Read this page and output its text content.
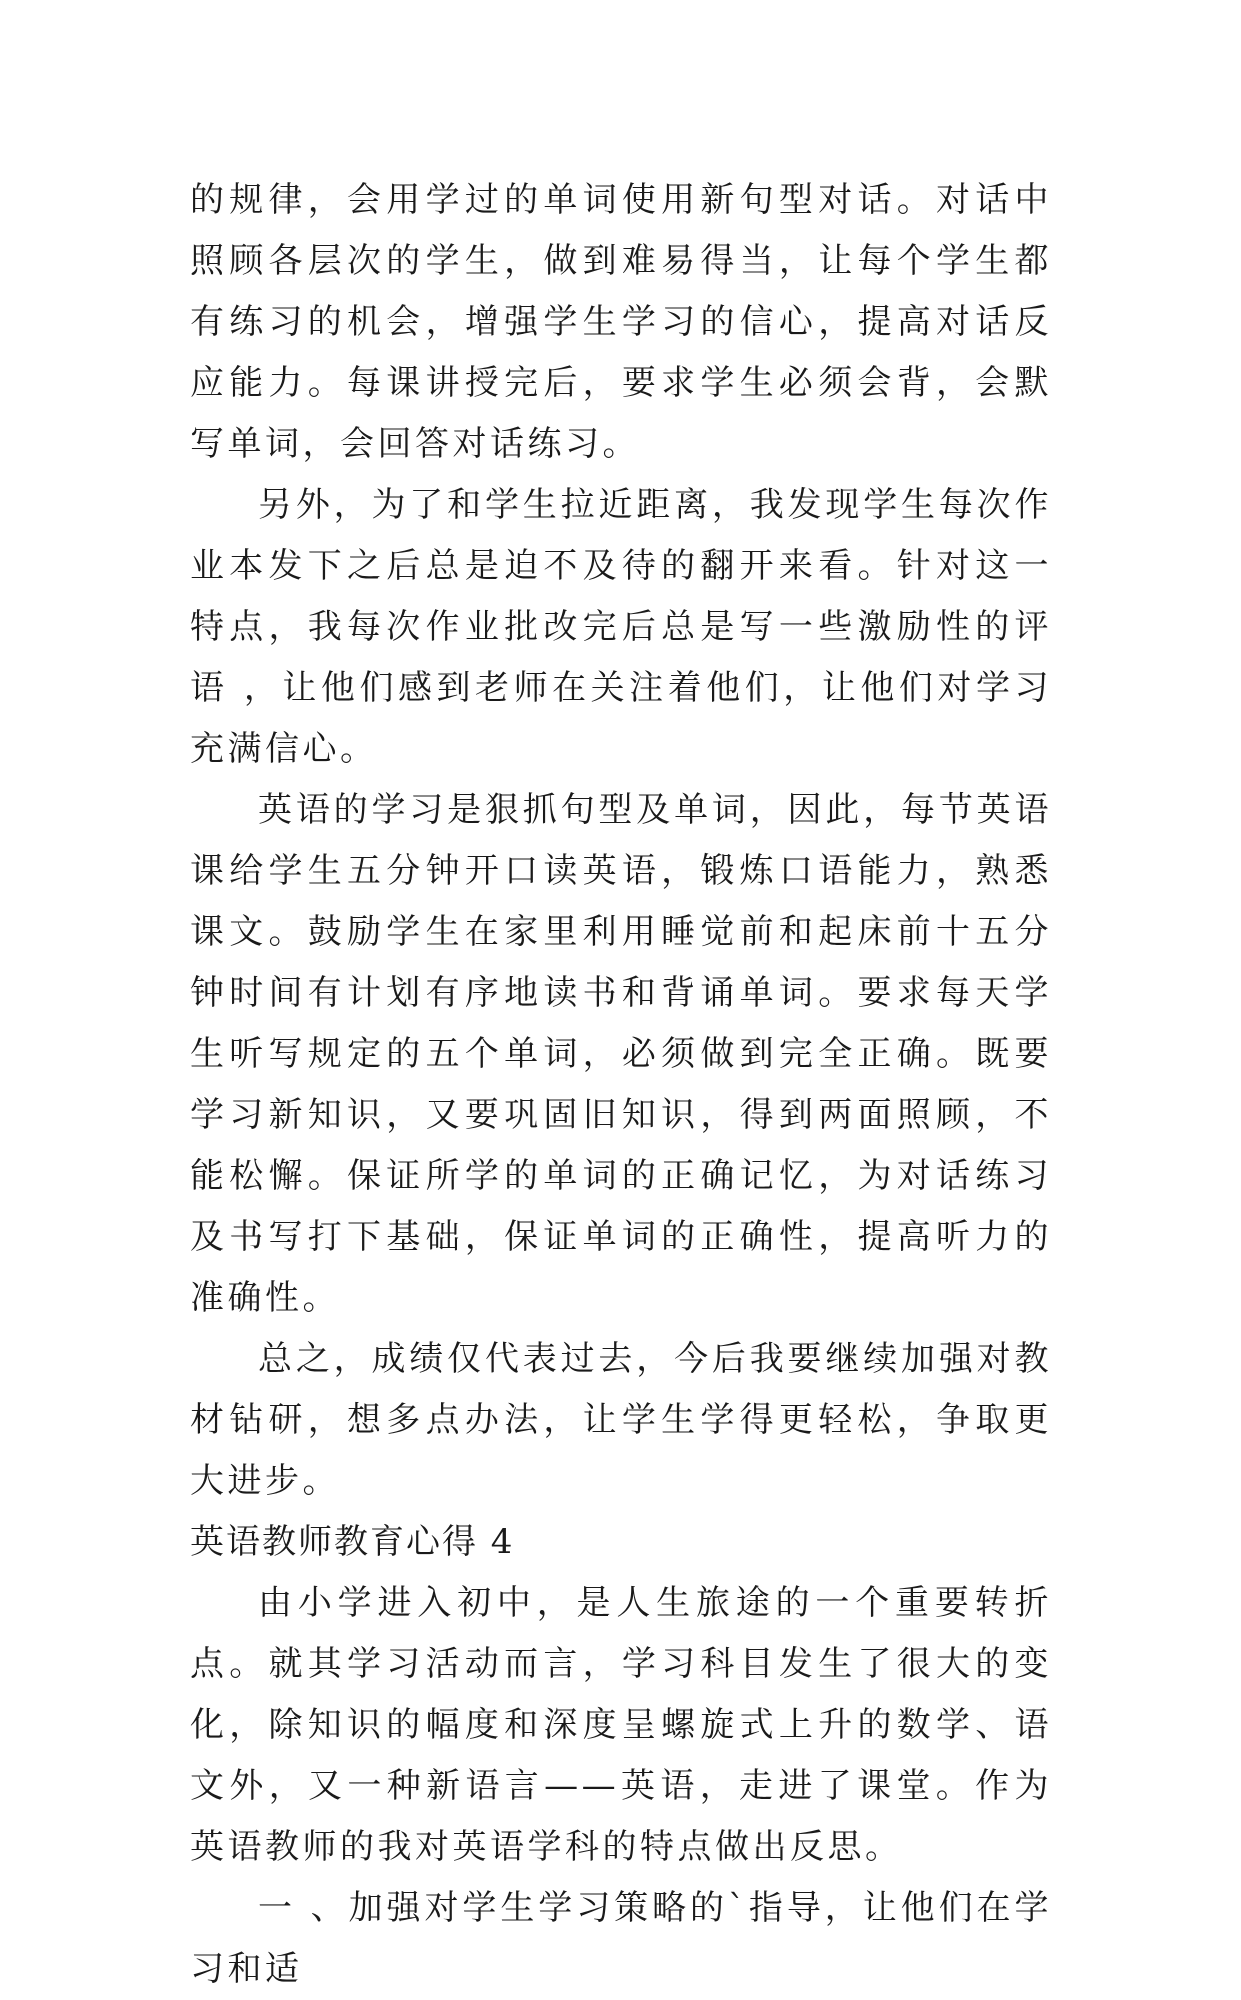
的规律，会用学过的单词使用新句型对话。对话中照顾各层次的学生，做到难易得当，让每个学生都有练习的机会，增强学生学习的信心，提高对话反应能力。每课讲授完后，要求学生必须会背，会默写单词，会回答对话练习。

另外，为了和学生拉近距离，我发现学生每次作业本发下之后总是迫不及待的翻开来看。针对这一特点，我每次作业批改完后总是写一些激励性的评语 ，让他们感到老师在关注着他们，让他们对学习充满信心。

英语的学习是狠抓句型及单词，因此，每节英语课给学生五分钟开口读英语，锻炼口语能力，熟悉课文。鼓励学生在家里利用睡觉前和起床前十五分钟时间有计划有序地读书和背诵单词。要求每天学生听写规定的五个单词，必须做到完全正确。既要学习新知识，又要巩固旧知识，得到两面照顾，不能松懈。保证所学的单词的正确记忆，为对话练习及书写打下基础，保证单词的正确性，提高听力的准确性。

总之，成绩仅代表过去，今后我要继续加强对教材钻研，想多点办法，让学生学得更轻松，争取更大进步。

英语教师教育心得 4

由小学进入初中，是人生旅途的一个重要转折点。就其学习活动而言，学习科目发生了很大的变化，除知识的幅度和深度呈螺旋式上升的数学、语文外，又一种新语言——英语，走进了课堂。作为英语教师的我对英语学科的特点做出反思。

一 、加强对学生学习策略的`指导，让他们在学习和适
